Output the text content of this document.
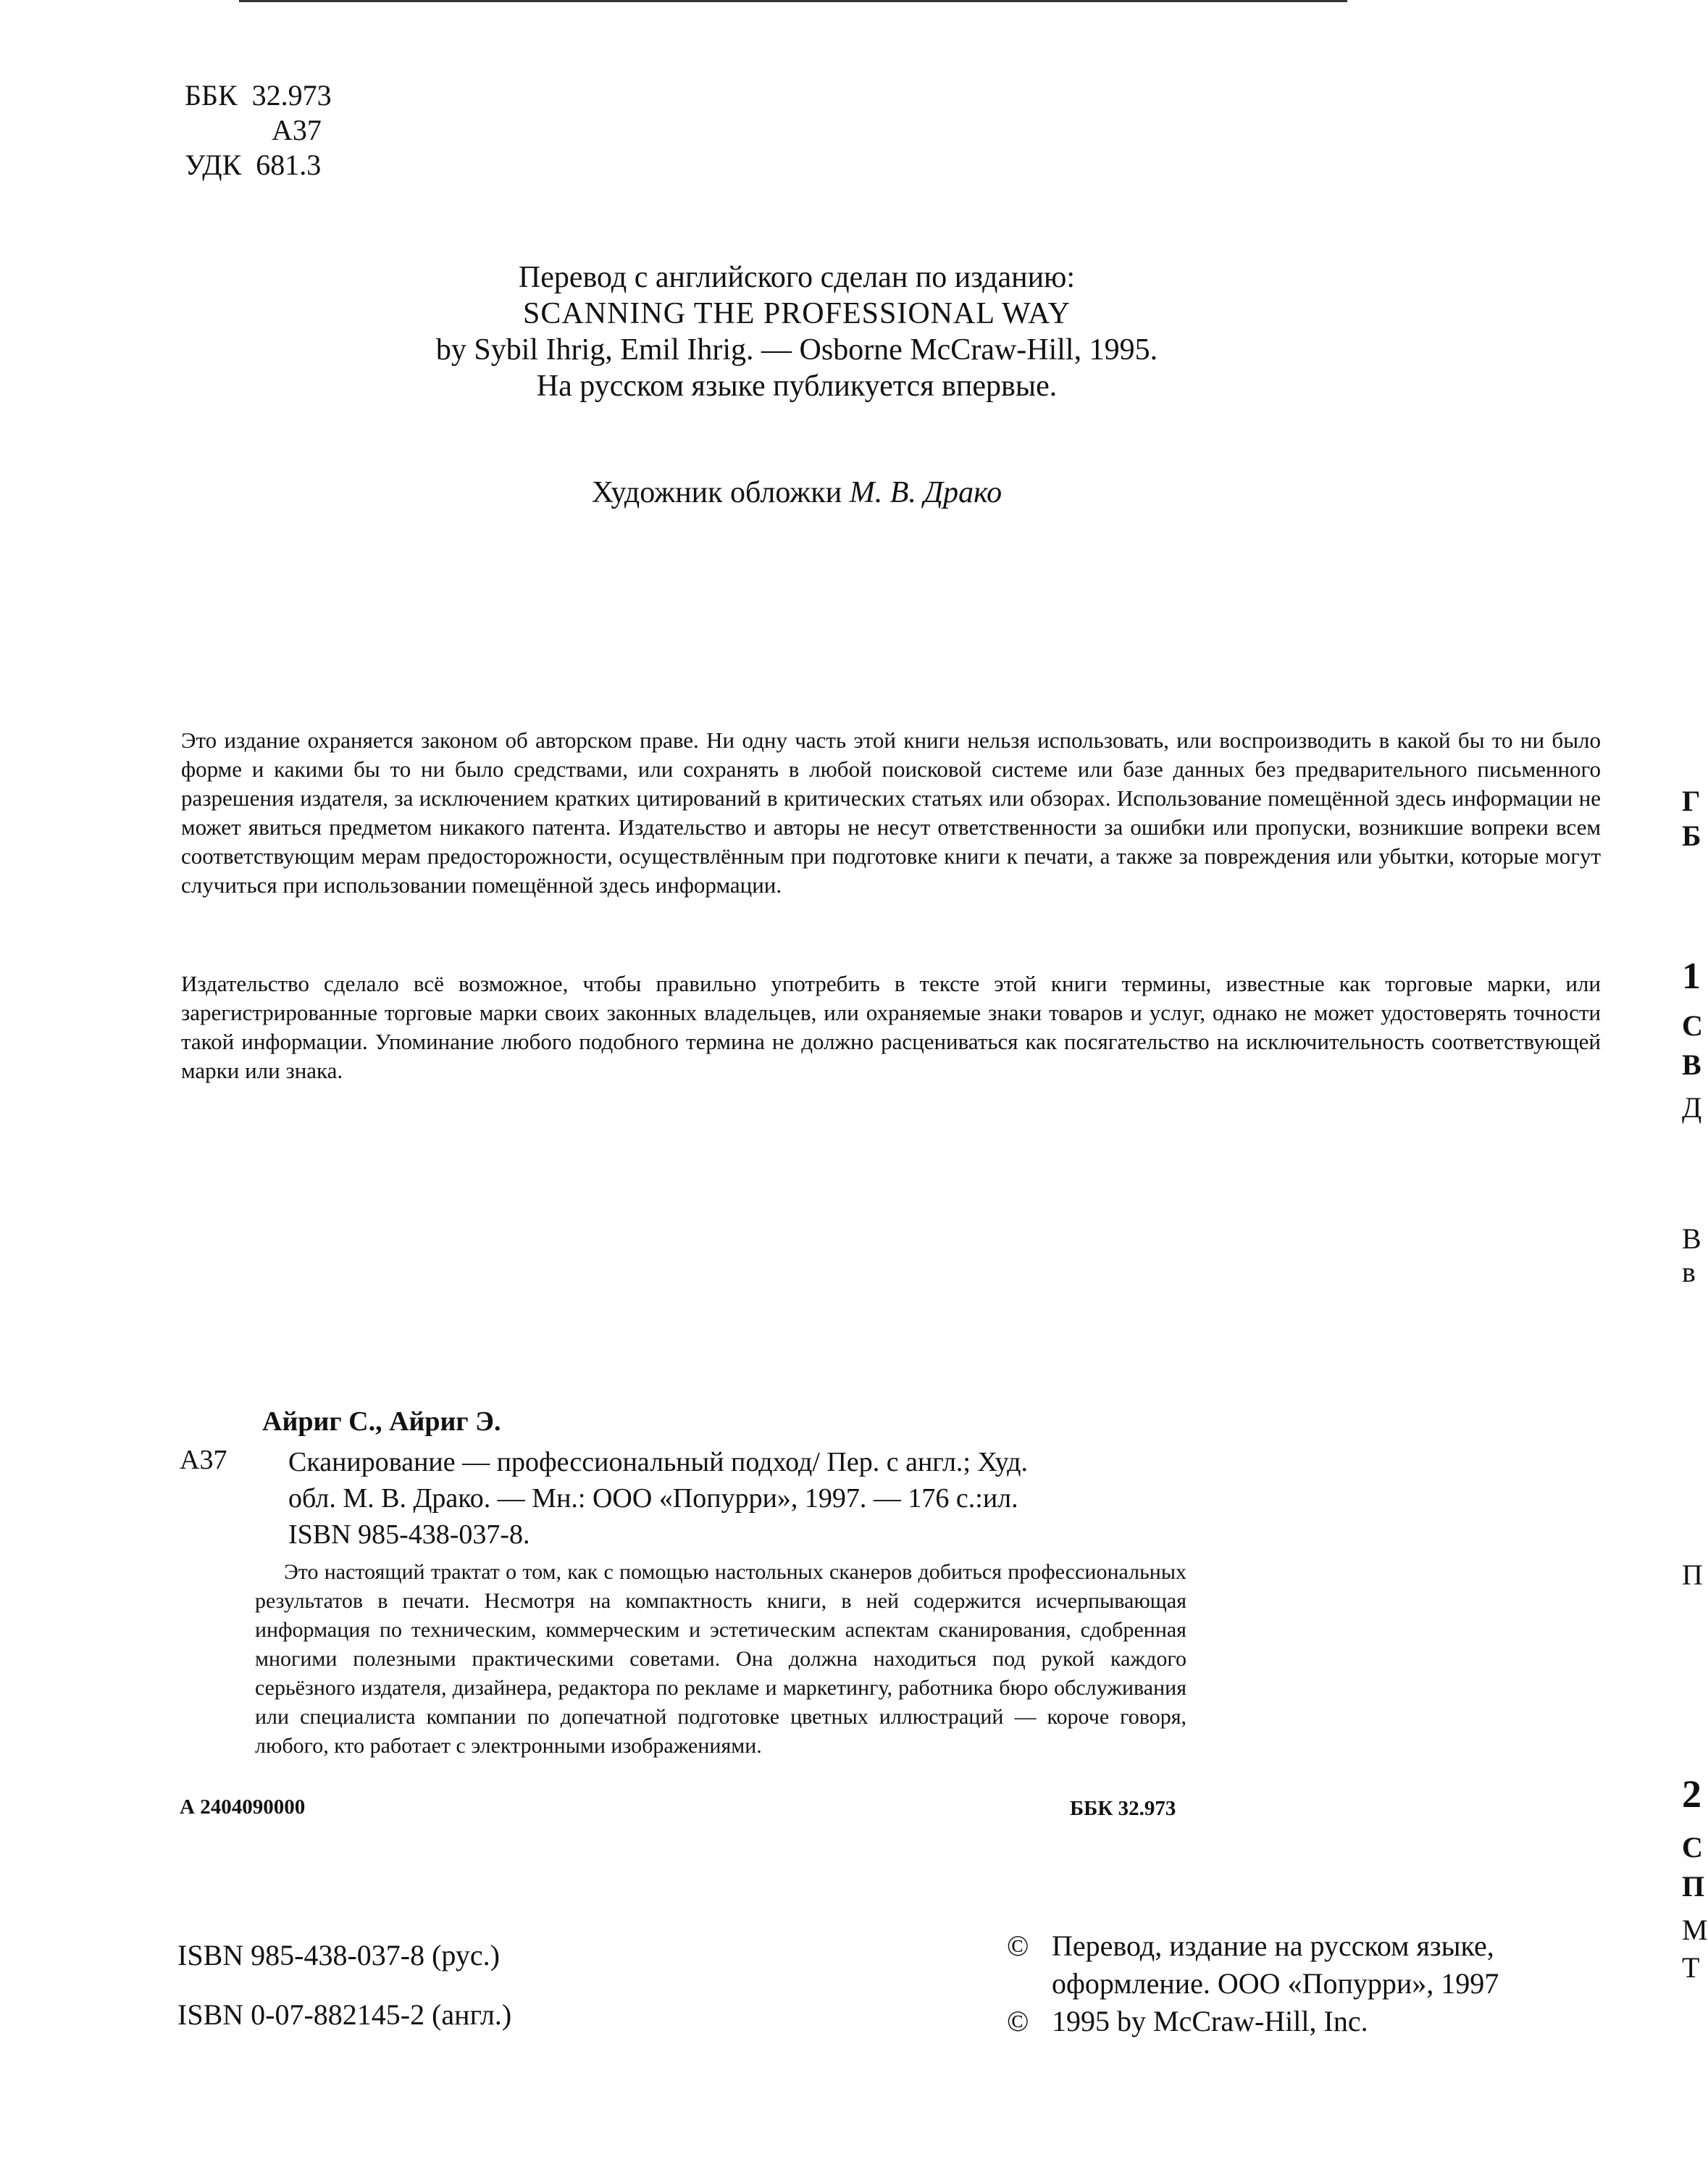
ББК  32.973
А37
УДК  681.3
Перевод с английского сделан по изданию:
SCANNING THE PROFESSIONAL WAY
by Sybil Ihrig, Emil Ihrig. — Osborne McCraw-Hill, 1995.
На русском языке публикуется впервые.
Художник обложки М. В. Драко
Это издание охраняется законом об авторском праве. Ни одну часть этой книги нельзя использовать, или воспроизводить в какой бы то ни было форме и какими бы то ни было средствами, или сохранять в любой поисковой системе или базе данных без предварительного письменного разрешения издателя, за исключением кратких цитирований в критических статьях или обзорах. Использование помещённой здесь информации не может явиться предметом никакого патента. Издательство и авторы не несут ответственности за ошибки или пропуски, возникшие вопреки всем соответствующим мерам предосторожности, осуществлённым при подготовке книги к печати, а также за повреждения или убытки, которые могут случиться при использовании помещённой здесь информации.
Издательство сделало всё возможное, чтобы правильно употребить в тексте этой книги термины, известные как торговые марки, или зарегистрированные торговые марки своих законных владельцев, или охраняемые знаки товаров и услуг, однако не может удостоверять точности такой информации. Упоминание любого подобного термина не должно расцениваться как посягательство на исключительность соответствующей марки или знака.
Айриг С., Айриг Э.
А37 Сканирование — профессиональный подход/ Пер. с англ.; Худ.
обл. М. В. Драко. — Мн.: ООО «Попурри», 1997. — 176 с.:ил.
ISBN 985-438-037-8.
Это настоящий трактат о том, как с помощью настольных сканеров добиться профессиональных результатов в печати. Несмотря на компактность книги, в ней содержится исчерпывающая информация по техническим, коммерческим и эстетическим аспектам сканирования, сдобренная многими полезными практическими советами. Она должна находиться под рукой каждого серьёзного издателя, дизайнера, редактора по рекламе и маркетингу, работника бюро обслуживания или специалиста компании по допечатной подготовке цветных иллюстраций — короче говоря, любого, кто работает с электронными изображениями.
А 2404090000	ББК 32.973
ISBN 985-438-037-8 (рус.)
ISBN 0-07-882145-2 (англ.)
© Перевод, издание на русском языке,
оформление. ООО «Попурри», 1997
© 1995 by McCraw-Hill, Inc.
Г
Б
1
С
В
Д
В
в
П
2
С
П
М
Т
